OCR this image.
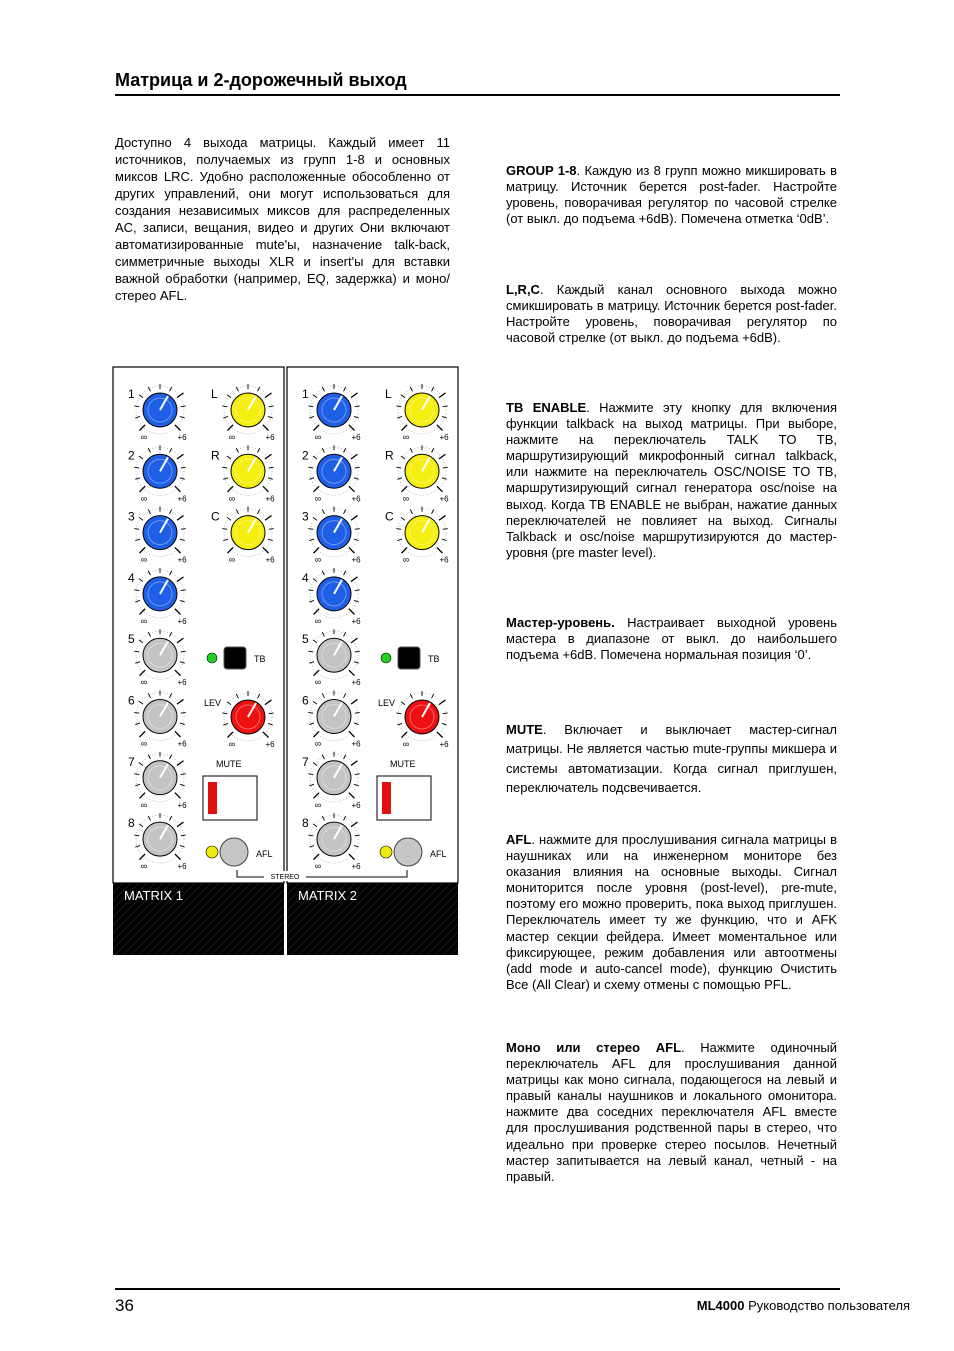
Матрица и 2-дорожечный выход

Доступно 4 выхода матрицы. Каждый имеет 11 источников, получаемых из групп 1-8 и основных миксов LRC. Удобно расположенные обособленно от других управлений, они могут использоваться для создания независимых миксов для распределенных AC, записи, вещания, видео и других Они включают автоматизированные mute'ы, назначение talk-back, симметричные выходы XLR и insert'ы для вставки важной обработки (например, EQ, задержка) и моно/стерео AFL.

1
∞	+6
2
∞	+6
3
∞	+6
4
∞	+6
5
∞	+6
6
∞	+6
7
∞	+6
8
∞	+6
L
∞	+6
R
∞	+6
C
∞	+6
TB
LEV
∞	+6
MUTE
AFL
MATRIX 1
1
∞	+6
2
∞	+6
3
∞	+6
4
∞	+6
5
∞	+6
6
∞	+6
7
∞	+6
8
∞	+6
L
∞	+6
R
∞	+6
C
∞	+6
TB
LEV
∞	+6
MUTE
AFL
MATRIX 2
STEREO

GROUP 1-8. Каждую из 8 групп можно микшировать в матрицу. Источник берется post-fader. Настройте уровень, поворачивая регулятор по часовой стрелке (от выкл. до подъема +6dB). Помечена отметка ‘0dB’.

L,R,C. Каждый канал основного выхода можно смикшировать в матрицу. Источник берется post-fader. Настройте уровень, поворачивая регулятор по часовой стрелке (от выкл. до подъема +6dB).

TB ENABLE. Нажмите эту кнопку для включения функции talkback на выход матрицы. При выборе, нажмите на переключатель TALK TO TB, маршрутизирующий микрофонный сигнал talkback, или нажмите на переключатель OSC/NOISE TO TB, маршрутизирующий сигнал генератора osc/noise на выход. Когда TB ENABLE не выбран, нажатие данных переключателей не повлияет на выход. Сигналы Talkback и osc/noise маршрутизируются до мастер-уровня (pre master level).

Мастер-уровень. Настраивает выходной уровень мастера в диапазоне от выкл. до наибольшего подъема +6dB. Помечена нормальная позиция ‘0’.

MUTE. Включает и выключает мастер-сигнал матрицы. Не является частью mute-группы микшера и системы автоматизации. Когда сигнал приглушен, переключатель подсвечивается.

AFL. нажмите для прослушивания сигнала матрицы в наушниках или на инженерном мониторе без оказания влияния на основные выходы. Сигнал мониторится после уровня (post-level), pre-mute, поэтому его можно проверить, пока выход приглушен. Переключатель имеет ту же функцию, что и AFK мастер секции фейдера. Имеет моментальное или фиксирующее, режим добавления или автоотмены (add mode и auto-cancel mode), функцию Очистить Все (All Clear) и схему отмены с помощью PFL.

Моно или стерео AFL. Нажмите одиночный переключатель AFL для прослушивания данной матрицы как моно сигнала, подающегося на левый и правый каналы наушников и локального омонитора. нажмите два соседних переключателя AFL вместе для прослушивания родственной пары в стерео, что идеально при проверке стерео посылов. Нечетный мастер запитывается на левый канал, четный - на правый.

36	ML4000 Руководство пользователя
